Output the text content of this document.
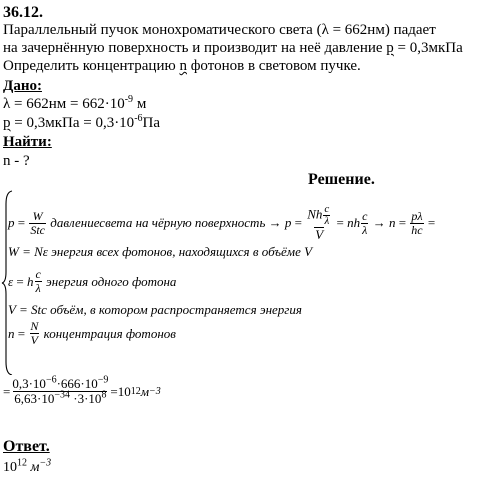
36.12.
Параллельный пучок монохроматического света (λ = 662нм) падает
на зачернённую поверхность и производит на неё давление p = 0,3мкПа
Определить концентрацию n фотонов в световом пучке.
Дано:
$\lambda = 662нм = 662\cdot 10^{-9}$ м
p = 0,3мкПа = $0,3\cdot 10^{-6}Па$
Найти:
n - ?
Решение.
$p = \frac{W}{\text{Stc}}$
давлениесвета на чёрную поверхность → $p = \frac{Nh \frac{c}{\lambda}}{V}$ = nh $\frac{c}{\lambda} \to n = \frac{p\lambda}{hc}$ =
W = Nε энергия всех фотонов, находящихся в объёме V
ε = h $\frac{c}{\lambda}$
энергия одного фотона
V = Stc объём, в котором распространяется энергия
$n = \frac{N}{V}$
концентрация фотонов
= $\frac{0,3\cdot 10^{-6}\cdot 666\cdot 10^{-9}}{6,63\cdot 10^{-34} \cdot 3\cdot 10^8} =10$ 12 м −3
Ответ.
$10^{12}$ $м^{-3}$
